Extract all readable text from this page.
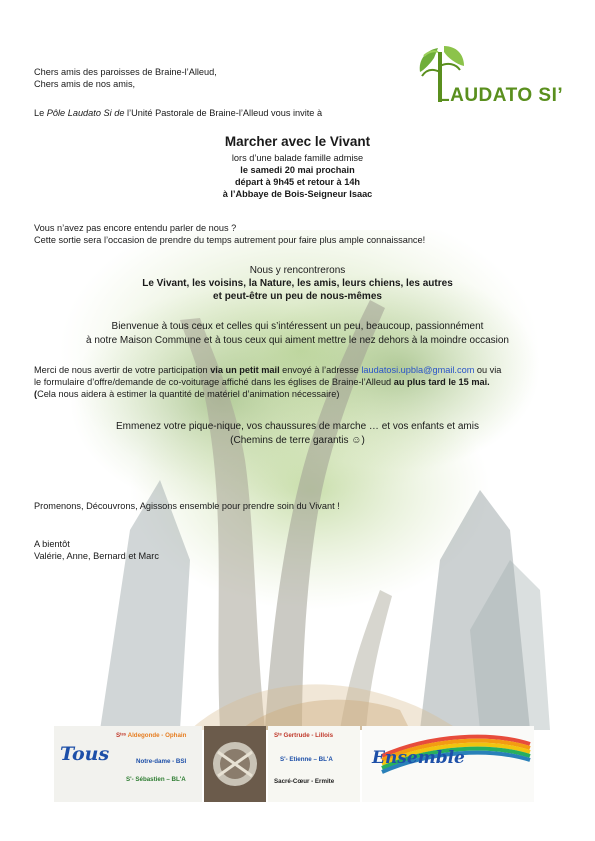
LAUDATO SI’
Chers amis des paroisses de Braine-l’Alleud,
Chers amis de nos amis,
Le Pôle Laudato Si de l’Unité Pastorale de Braine-l’Alleud vous invite à
Marcher avec le Vivant
lors d’une balade famille admise
le samedi 20 mai prochain
départ à 9h45 et retour à 14h
à l’Abbaye de Bois-Seigneur Isaac
Vous n’avez pas encore entendu parler de nous ?
Cette sortie sera l’occasion de prendre du temps autrement pour faire plus ample connaissance!
Nous y rencontrerons
Le Vivant, les voisins, la Nature, les amis, leurs chiens, les autres
et peut-être un peu de nous-mêmes
Bienvenue à tous ceux et celles qui s’intéressent un peu, beaucoup, passionnément
à notre Maison Commune et à tous ceux qui aiment mettre le nez dehors à la moindre occasion
Merci de nous avertir de votre participation via un petit mail envoyé à l’adresse laudatosi.upbla@gmail.com ou via
le formulaire d’offre/demande de co-voiturage affiché dans les églises de Braine-l’Alleud au plus tard le 15 mai.
(Cela nous aidera à estimer la quantité de matériel d’animation nécessaire)
Emmenez votre pique-nique, vos chaussures de marche … et vos enfants et amis
(Chemins de terre garantis ☺)
Promenons, Découvrons, Agissons ensemble pour prendre soin du Vivant !
A bientôt
Valérie, Anne, Bernard et Marc
Tous
Sᵗᵉˢ Aldegonde - Ophain
Notre-dame - BSI
S'- Sébastien – BL'A
Sᵗᵉ Gertrude - Lillois
S'- Etienne – BL'A
Sacré-Cœur - Ermite
Ensemble
